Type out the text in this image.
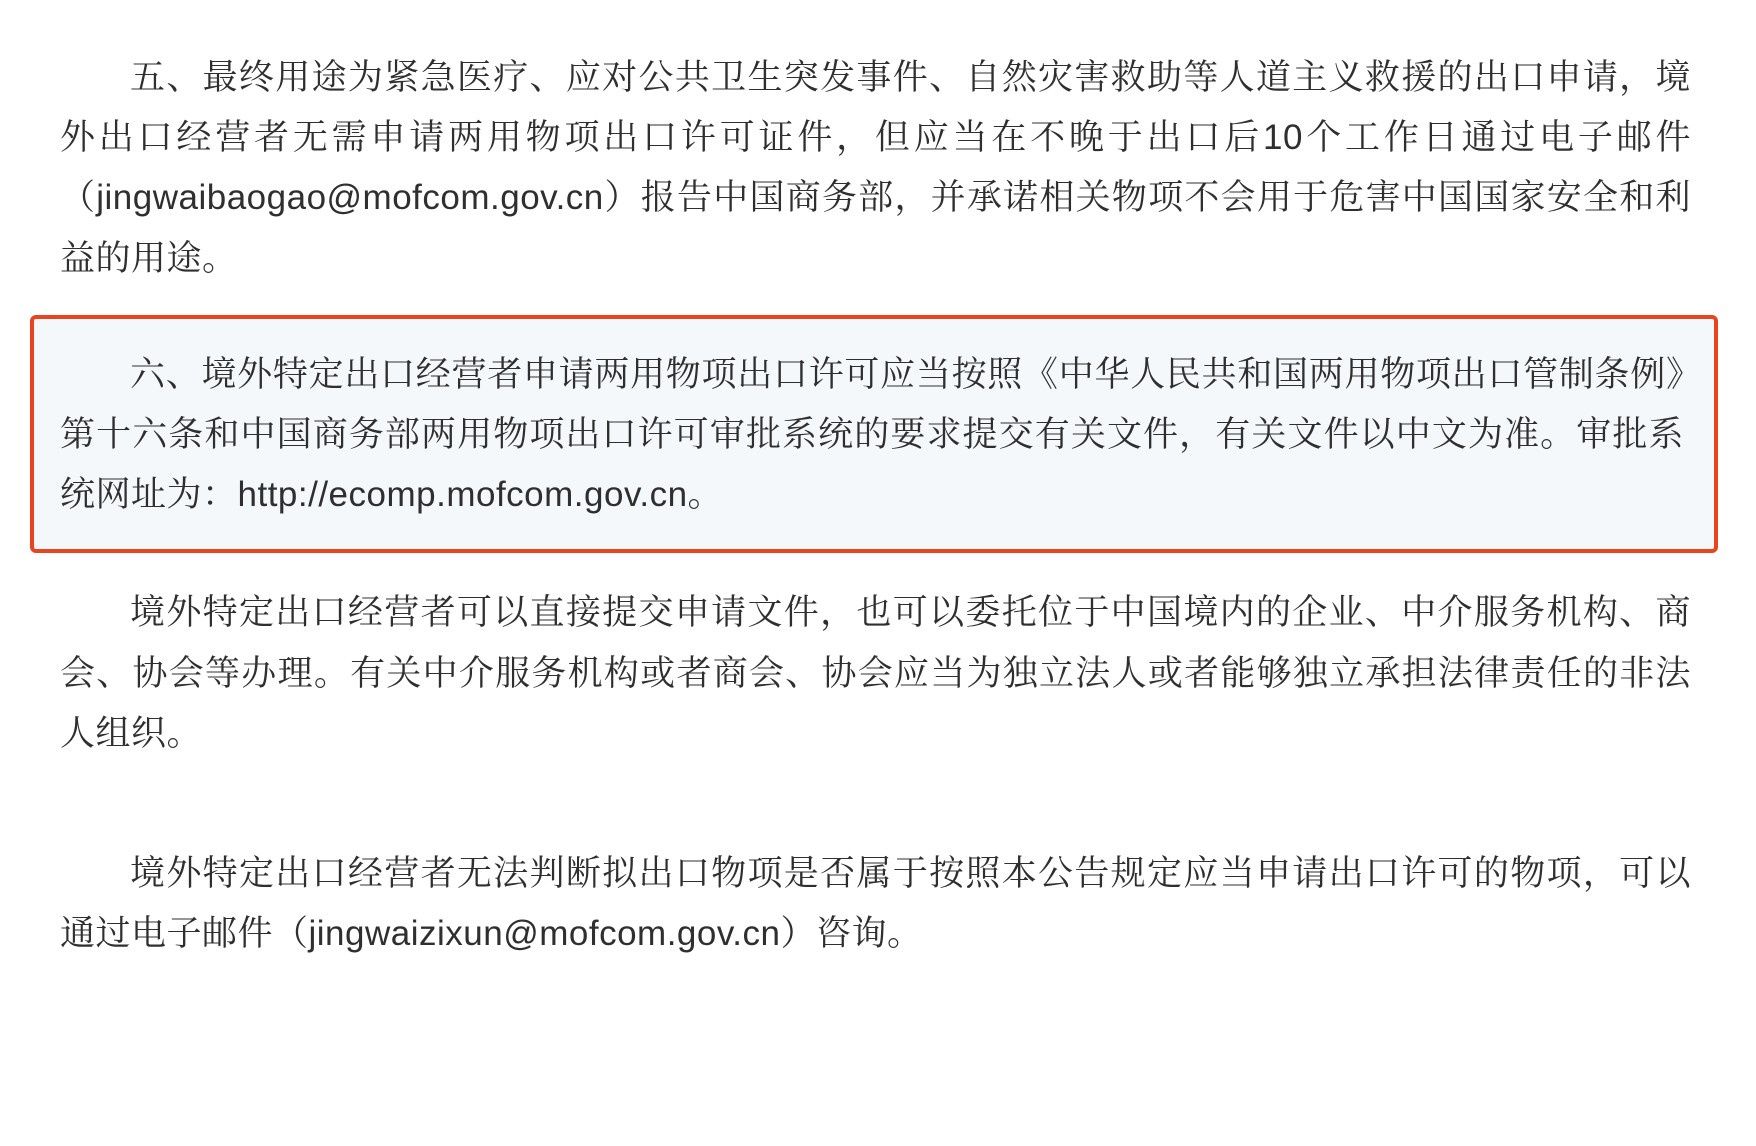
五、最终用途为紧急医疗、应对公共卫生突发事件、自然灾害救助等人道主义救援的出口申请，境外出口经营者无需申请两用物项出口许可证件，但应当在不晚于出口后10个工作日通过电子邮件（jingwaibaogao@mofcom.gov.cn）报告中国商务部，并承诺相关物项不会用于危害中国国家安全和利益的用途。

六、境外特定出口经营者申请两用物项出口许可应当按照《中华人民共和国两用物项出口管制条例》第十六条和中国商务部两用物项出口许可审批系统的要求提交有关文件，有关文件以中文为准。审批系统网址为：http://ecomp.mofcom.gov.cn。

境外特定出口经营者可以直接提交申请文件，也可以委托位于中国境内的企业、中介服务机构、商会、协会等办理。有关中介服务机构或者商会、协会应当为独立法人或者能够独立承担法律责任的非法人组织。

境外特定出口经营者无法判断拟出口物项是否属于按照本公告规定应当申请出口许可的物项，可以通过电子邮件（jingwaizixun@mofcom.gov.cn）咨询。
